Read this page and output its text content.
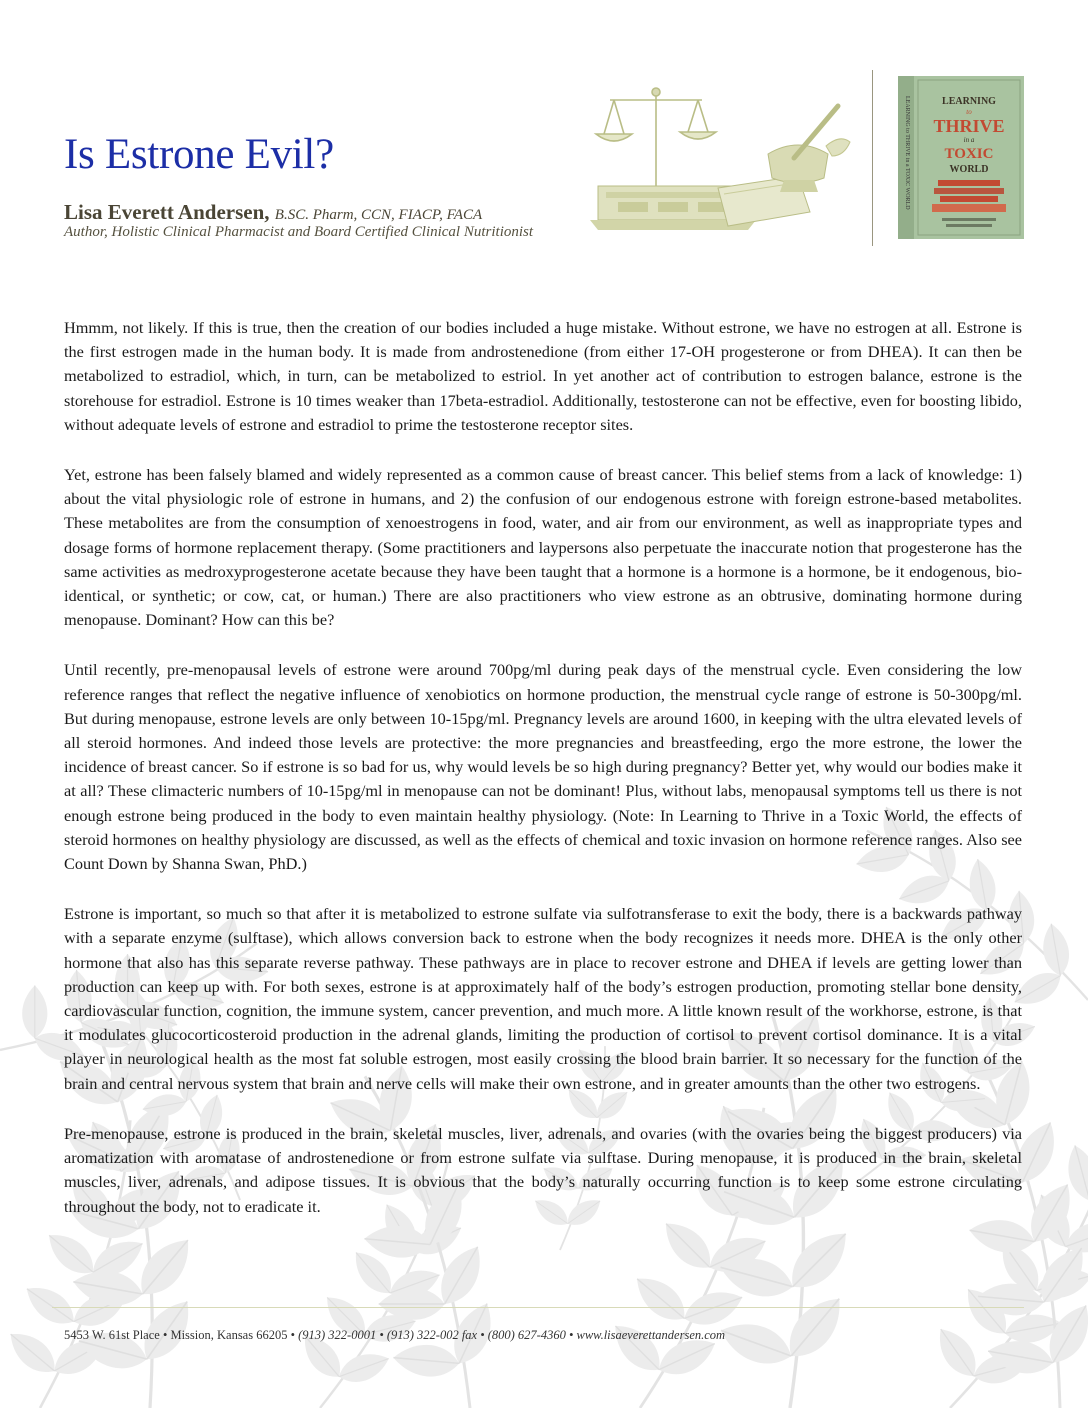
Is Estrone Evil?
Lisa Everett Andersen, B.SC. Pharm, CCN, FIACP, FACA
Author, Holistic Clinical Pharmacist and Board Certified Clinical Nutritionist
LEARNING to THRIVE in a TOXIC WORLD	LEARNING
to
THRIVE
in a
TOXIC
WORLD

Hmmm, not likely. If this is true, then the creation of our bodies included a huge mistake. Without estrone, we have no estrogen at all. Estrone is the first estrogen made in the human body. It is made from androstenedione (from either 17-OH progesterone or from DHEA). It can then be metabolized to estradiol, which, in turn, can be metabolized to estriol. In yet another act of contribution to estrogen balance, estrone is the storehouse for estradiol. Estrone is 10 times weaker than 17beta-estradiol. Additionally, testosterone can not be effective, even for boosting libido, without adequate levels of estrone and estradiol to prime the testosterone receptor sites.

Yet, estrone has been falsely blamed and widely represented as a common cause of breast cancer. This belief stems from a lack of knowledge: 1) about the vital physiologic role of estrone in humans, and 2) the confusion of our endogenous estrone with foreign estrone-based metabolites. These metabolites are from the consumption of xenoestrogens in food, water, and air from our environment, as well as inappropriate types and dosage forms of hormone replacement therapy. (Some practitioners and laypersons also perpetuate the inaccurate notion that progesterone has the same activities as medroxyprogesterone acetate because they have been taught that a hormone is a hormone is a hormone, be it endogenous, bio-identical, or synthetic; or cow, cat, or human.) There are also practitioners who view estrone as an obtrusive, dominating hormone during menopause. Dominant? How can this be?

Until recently, pre-menopausal levels of estrone were around 700pg/ml during peak days of the menstrual cycle. Even considering the low reference ranges that reflect the negative influence of xenobiotics on hormone production, the menstrual cycle range of estrone is 50-300pg/ml. But during menopause, estrone levels are only between 10-15pg/ml. Pregnancy levels are around 1600, in keeping with the ultra elevated levels of all steroid hormones. And indeed those levels are protective: the more pregnancies and breastfeeding, ergo the more estrone, the lower the incidence of breast cancer. So if estrone is so bad for us, why would levels be so high during pregnancy? Better yet, why would our bodies make it at all? These climacteric numbers of 10-15pg/ml in menopause can not be dominant! Plus, without labs, menopausal symptoms tell us there is not enough estrone being produced in the body to even maintain healthy physiology. (Note: In Learning to Thrive in a Toxic World, the effects of steroid hormones on healthy physiology are discussed, as well as the effects of chemical and toxic invasion on hormone reference ranges. Also see Count Down by Shanna Swan, PhD.)

Estrone is important, so much so that after it is metabolized to estrone sulfate via sulfotransferase to exit the body, there is a backwards pathway with a separate enzyme (sulftase), which allows conversion back to estrone when the body recognizes it needs more. DHEA is the only other hormone that also has this separate reverse pathway. These pathways are in place to recover estrone and DHEA if levels are getting lower than production can keep up with. For both sexes, estrone is at approximately half of the body’s estrogen production, promoting stellar bone density, cardiovascular function, cognition, the immune system, cancer prevention, and much more. A little known result of the workhorse, estrone, is that it modulates glucocorticosteroid production in the adrenal glands, limiting the production of cortisol to prevent cortisol dominance. It is a vital player in neurological health as the most fat soluble estrogen, most easily crossing the blood brain barrier. It so necessary for the function of the brain and central nervous system that brain and nerve cells will make their own estrone, and in greater amounts than the other two estrogens.

Pre-menopause, estrone is produced in the brain, skeletal muscles, liver, adrenals, and ovaries (with the ovaries being the biggest producers) via aromatization with aromatase of androstenedione or from estrone sulfate via sulftase. During menopause, it is produced in the brain, skeletal muscles, liver, adrenals, and adipose tissues. It is obvious that the body’s naturally occurring function is to keep some estrone circulating throughout the body, not to eradicate it.

5453 W. 61st Place • Mission, Kansas 66205 • (913) 322-0001 • (913) 322-002 fax • (800) 627-4360 • www.lisaeverettandersen.com
